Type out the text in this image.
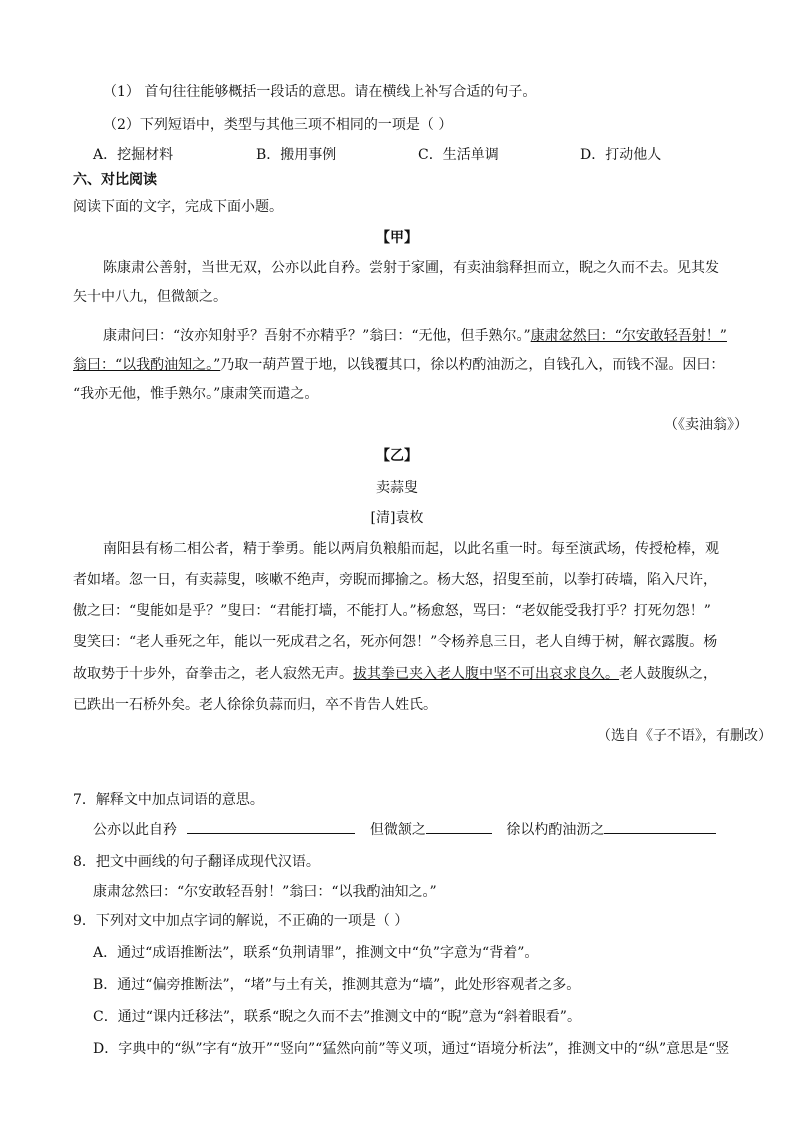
（1） 首句往往能够概括一段话的意思。请在横线上补写合适的句子。
（2）下列短语中，类型与其他三项不相同的一项是（ ）
A．挖掘材料	B．搬用事例	C．生活单调	D．打动他人
六、对比阅读
阅读下面的文字，完成下面小题。
【甲】
陈康肃公善射，当世无双，公亦以此自矜。尝射于家圃，有卖油翁释担而立，睨之久而不去。见其发
矢十中八九，但微颔之。
康肃问曰：“汝亦知射乎？吾射不亦精乎？”翁曰：“无他，但手熟尔。”康肃忿然曰：“尔安敢轻吾射！”
翁曰：“以我酌油知之。”乃取一葫芦置于地，以钱覆其口，徐以杓酌油沥之，自钱孔入，而钱不湿。因曰：
“我亦无他，惟手熟尔。”康肃笑而遣之。
（《卖油翁》）
【乙】
卖蒜叟
[清]袁枚
南阳县有杨二相公者，精于拳勇。能以两肩负粮船而起，以此名重一时。每至演武场，传授枪棒，观
者如堵。忽一日，有卖蒜叟，咳嗽不绝声，旁睨而揶揄之。杨大怒，招叟至前，以拳打砖墙，陷入尺许，
傲之曰：“叟能如是乎？”叟曰：“君能打墙，不能打人。”杨愈怒，骂曰：“老奴能受我打乎？打死勿怨！”
叟笑曰：“老人垂死之年，能以一死成君之名，死亦何怨！”令杨养息三日，老人自缚于树，解衣露腹。杨
故取势于十步外，奋拳击之，老人寂然无声。拔其拳已夹入老人腹中坚不可出哀求良久。老人鼓腹纵之，
已跌出一石桥外矣。老人徐徐负蒜而归，卒不肯告人姓氏。
（选自《子不语》，有删改）
7．解释文中加点词语的意思。
公亦以此自矜	但微颔之	徐以杓酌油沥之
8．把文中画线的句子翻译成现代汉语。
康肃忿然曰：“尔安敢轻吾射！”翁曰：“以我酌油知之。”
9．下列对文中加点字词的解说，不正确的一项是（ ）
A．通过“成语推断法”，联系“负荆请罪”，推测文中“负”字意为“背着”。
B．通过“偏旁推断法”，“堵”与土有关，推测其意为“墙”，此处形容观者之多。
C．通过“课内迁移法”，联系“睨之久而不去”推测文中的“睨”意为“斜着眼看”。
D．字典中的“纵”字有“放开”“竖向”“猛然向前”等义项，通过“语境分析法”，推测文中的“纵”意思是“竖
